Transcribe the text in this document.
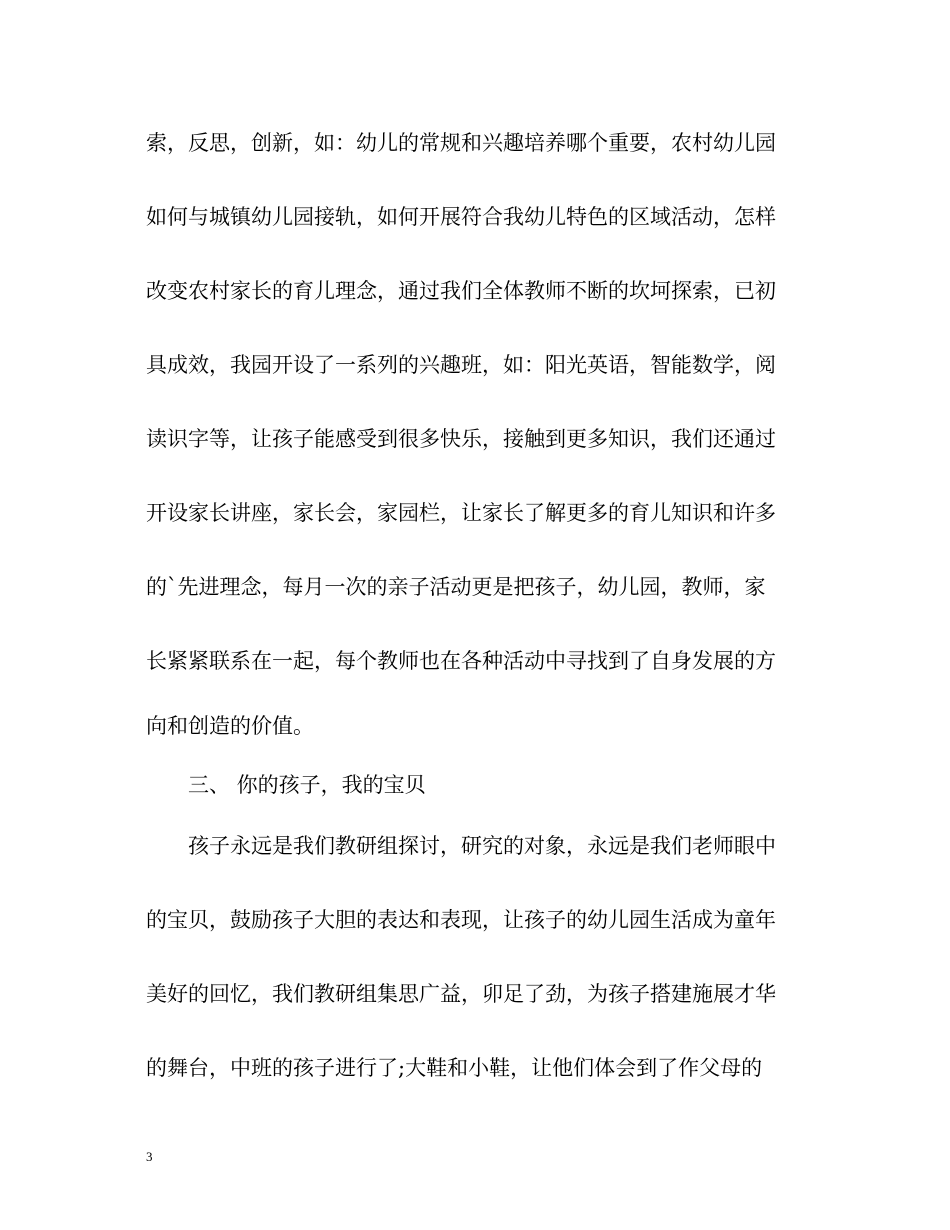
索，反思，创新，如：幼儿的常规和兴趣培养哪个重要，农村幼儿园
如何与城镇幼儿园接轨，如何开展符合我幼儿特色的区域活动，怎样
改变农村家长的育儿理念，通过我们全体教师不断的坎坷探索，已初
具成效，我园开设了一系列的兴趣班，如：阳光英语，智能数学，阅
读识字等，让孩子能感受到很多快乐，接触到更多知识，我们还通过
开设家长讲座，家长会，家园栏，让家长了解更多的育儿知识和许多
的`先进理念，每月一次的亲子活动更是把孩子，幼儿园，教师，家
长紧紧联系在一起，每个教师也在各种活动中寻找到了自身发展的方
向和创造的价值。
三、 你的孩子，我的宝贝
孩子永远是我们教研组探讨，研究的对象，永远是我们老师眼中
的宝贝，鼓励孩子大胆的表达和表现，让孩子的幼儿园生活成为童年
美好的回忆，我们教研组集思广益，卯足了劲，为孩子搭建施展才华
的舞台，中班的孩子进行了;大鞋和小鞋，让他们体会到了作父母的
3
